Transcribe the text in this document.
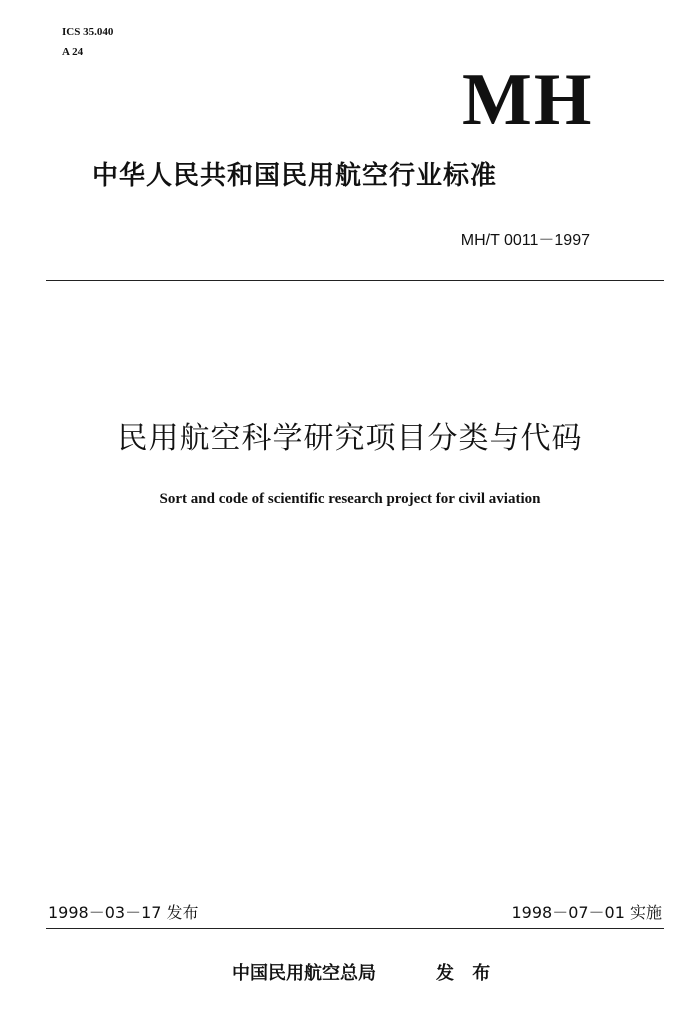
ICS 35.040
A 24
MH
中华人民共和国民用航空行业标准
MH/T 0011－1997
民用航空科学研究项目分类与代码
Sort and code of scientific research project for civil aviation
1998－03－17 发布	1998－07－01 实施
中国民用航空总局	发 布
